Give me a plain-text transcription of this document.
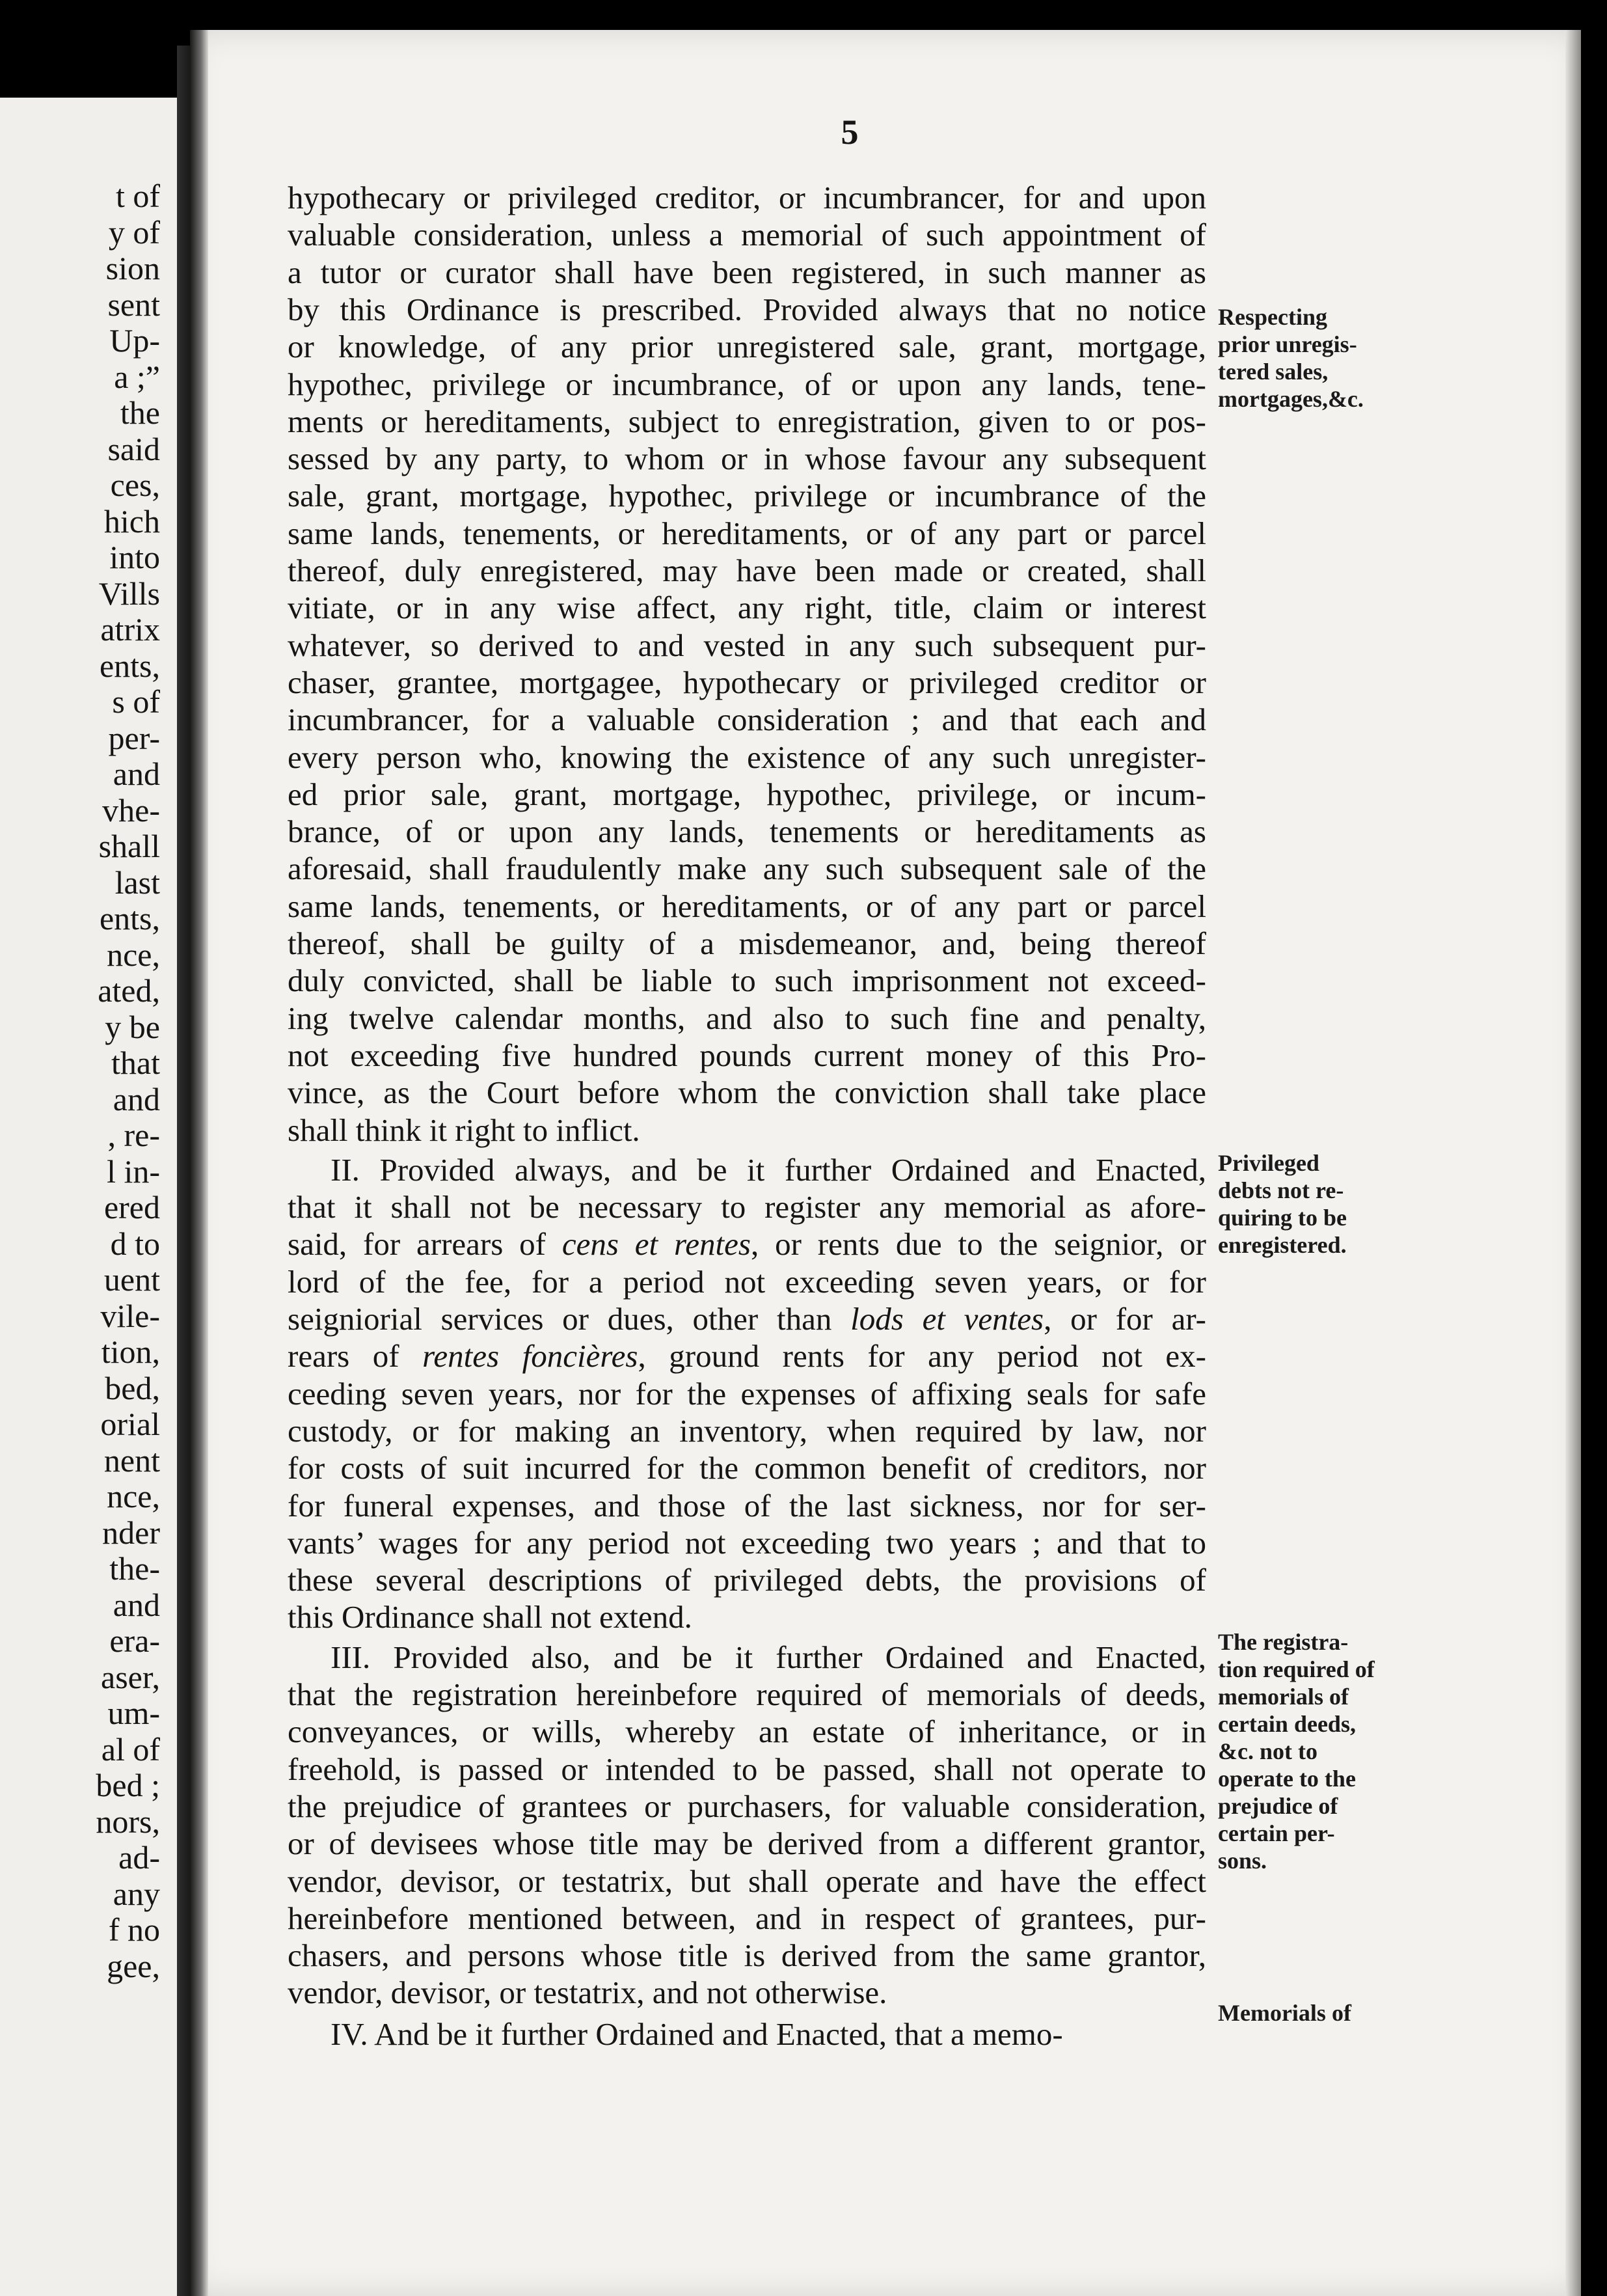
t of
y of
sion
sent
Up-
a ;”
the
said
ces,
hich
into
Vills
atrix
ents,
s of
per-
and
vhe-
shall
last
ents,
nce,
ated,
y be
that
and
, re-
l in-
ered
d to
uent
vile-
tion,
bed,
orial
nent
nce,
nder
the-
and
era-
aser,
um-
al of
bed ;
nors,
ad-
any
f no
gee,
5
hypothecary or privileged creditor, or incumbrancer, for and upon
valuable consideration, unless a memorial of such appointment of
a tutor or curator shall have been registered, in such manner as
by this Ordinance is prescribed. Provided always that no notice
or knowledge, of any prior unregistered sale, grant, mortgage,
hypothec, privilege or incumbrance, of or upon any lands, tene-
ments or hereditaments, subject to enregistration, given to or pos-
sessed by any party, to whom or in whose favour any subsequent
sale, grant, mortgage, hypothec, privilege or incumbrance of the
same lands, tenements, or hereditaments, or of any part or parcel
thereof, duly enregistered, may have been made or created, shall
vitiate, or in any wise affect, any right, title, claim or interest
whatever, so derived to and vested in any such subsequent pur-
chaser, grantee, mortgagee, hypothecary or privileged creditor or
incumbrancer, for a valuable consideration ; and that each and
every person who, knowing the existence of any such unregister-
ed prior sale, grant, mortgage, hypothec, privilege, or incum-
brance, of or upon any lands, tenements or hereditaments as
aforesaid, shall fraudulently make any such subsequent sale of the
same lands, tenements, or hereditaments, or of any part or parcel
thereof, shall be guilty of a misdemeanor, and, being thereof
duly convicted, shall be liable to such imprisonment not exceed-
ing twelve calendar months, and also to such fine and penalty,
not exceeding five hundred pounds current money of this Pro-
vince, as the Court before whom the conviction shall take place
shall think it right to inflict.
II. Provided always, and be it further Ordained and Enacted,
that it shall not be necessary to register any memorial as afore-
said, for arrears of cens et rentes, or rents due to the seignior, or
lord of the fee, for a period not exceeding seven years, or for
seigniorial services or dues, other than lods et ventes, or for ar-
rears of rentes foncières, ground rents for any period not ex-
ceeding seven years, nor for the expenses of affixing seals for safe
custody, or for making an inventory, when required by law, nor
for costs of suit incurred for the common benefit of creditors, nor
for funeral expenses, and those of the last sickness, nor for ser-
vants’ wages for any period not exceeding two years ; and that to
these several descriptions of privileged debts, the provisions of
this Ordinance shall not extend.
III. Provided also, and be it further Ordained and Enacted,
that the registration hereinbefore required of memorials of deeds,
conveyances, or wills, whereby an estate of inheritance, or in
freehold, is passed or intended to be passed, shall not operate to
the prejudice of grantees or purchasers, for valuable consideration,
or of devisees whose title may be derived from a different grantor,
vendor, devisor, or testatrix, but shall operate and have the effect
hereinbefore mentioned between, and in respect of grantees, pur-
chasers, and persons whose title is derived from the same grantor,
vendor, devisor, or testatrix, and not otherwise.
IV. And be it further Ordained and Enacted, that a memo-
Respecting
prior unregis-
tered sales,
mortgages,&c.
Privileged
debts not re-
quiring to be
enregistered.
The registra-
tion required of
memorials of
certain deeds,
&c. not to
operate to the
prejudice of
certain per-
sons.
Memorials of
